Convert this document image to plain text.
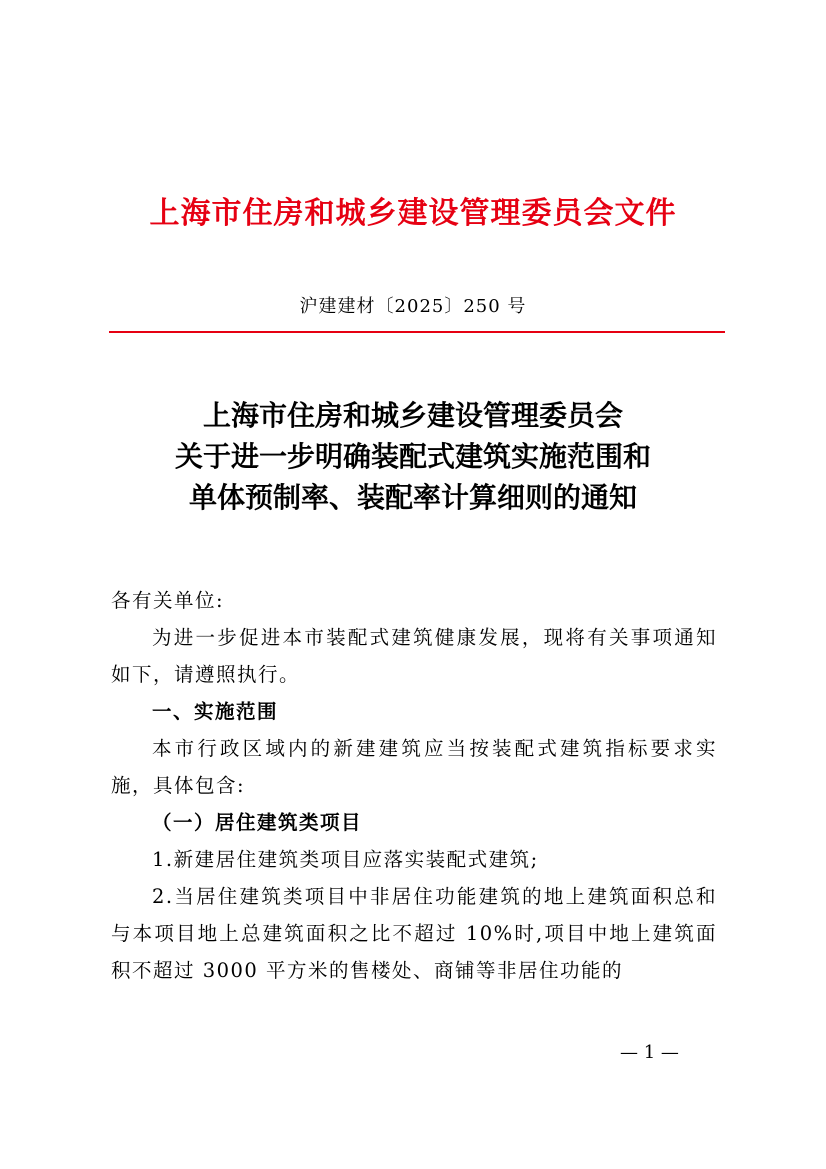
上海市住房和城乡建设管理委员会文件
沪建建材〔2025〕250 号
上海市住房和城乡建设管理委员会
关于进一步明确装配式建筑实施范围和
单体预制率、装配率计算细则的通知

各有关单位:

为进一步促进本市装配式建筑健康发展，现将有关事项通知如下，请遵照执行。

一、实施范围

本市行政区域内的新建建筑应当按装配式建筑指标要求实施，具体包含:

（一）居住建筑类项目

1.新建居住建筑类项目应落实装配式建筑;

2.当居住建筑类项目中非居住功能建筑的地上建筑面积总和与本项目地上总建筑面积之比不超过 10%时,项目中地上建筑面积不超过 3000 平方米的售楼处、商铺等非居住功能的

— 1 —
